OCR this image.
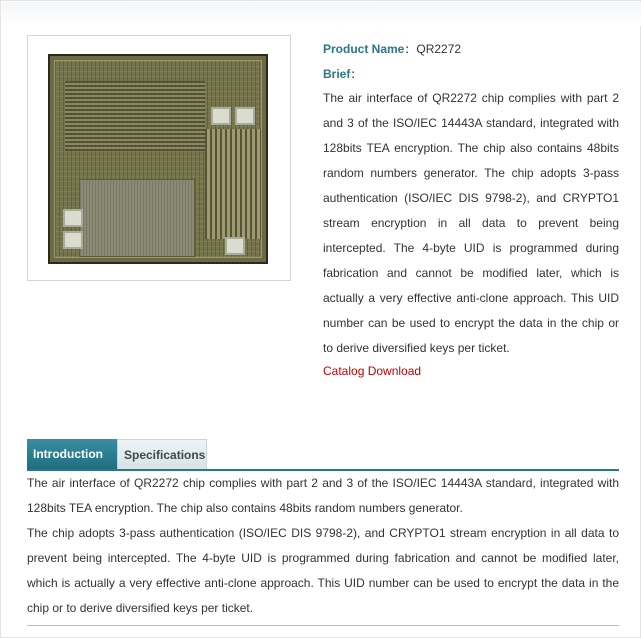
Product Name：QR2272
Brief：
The air interface of QR2272 chip complies with part 2 and 3 of the ISO/IEC 14443A standard, integrated with 128bits TEA encryption. The chip also contains 48bits random numbers generator. The chip adopts 3-pass authentication (ISO/IEC DIS 9798-2), and CRYPTO1 stream encryption in all data to prevent being intercepted. The 4-byte UID is programmed during fabrication and cannot be modified later, which is actually a very effective anti-clone approach. This UID number can be used to encrypt the data in the chip or to derive diversified keys per ticket.
Catalog Download
Introduction	Specifications

The air interface of QR2272 chip complies with part 2 and 3 of the ISO/IEC 14443A standard, integrated with 128bits TEA encryption. The chip also contains 48bits random numbers generator.

The chip adopts 3-pass authentication (ISO/IEC DIS 9798-2), and CRYPTO1 stream encryption in all data to prevent being intercepted. The 4-byte UID is programmed during fabrication and cannot be modified later, which is actually a very effective anti-clone approach. This UID number can be used to encrypt the data in the chip or to derive diversified keys per ticket.
